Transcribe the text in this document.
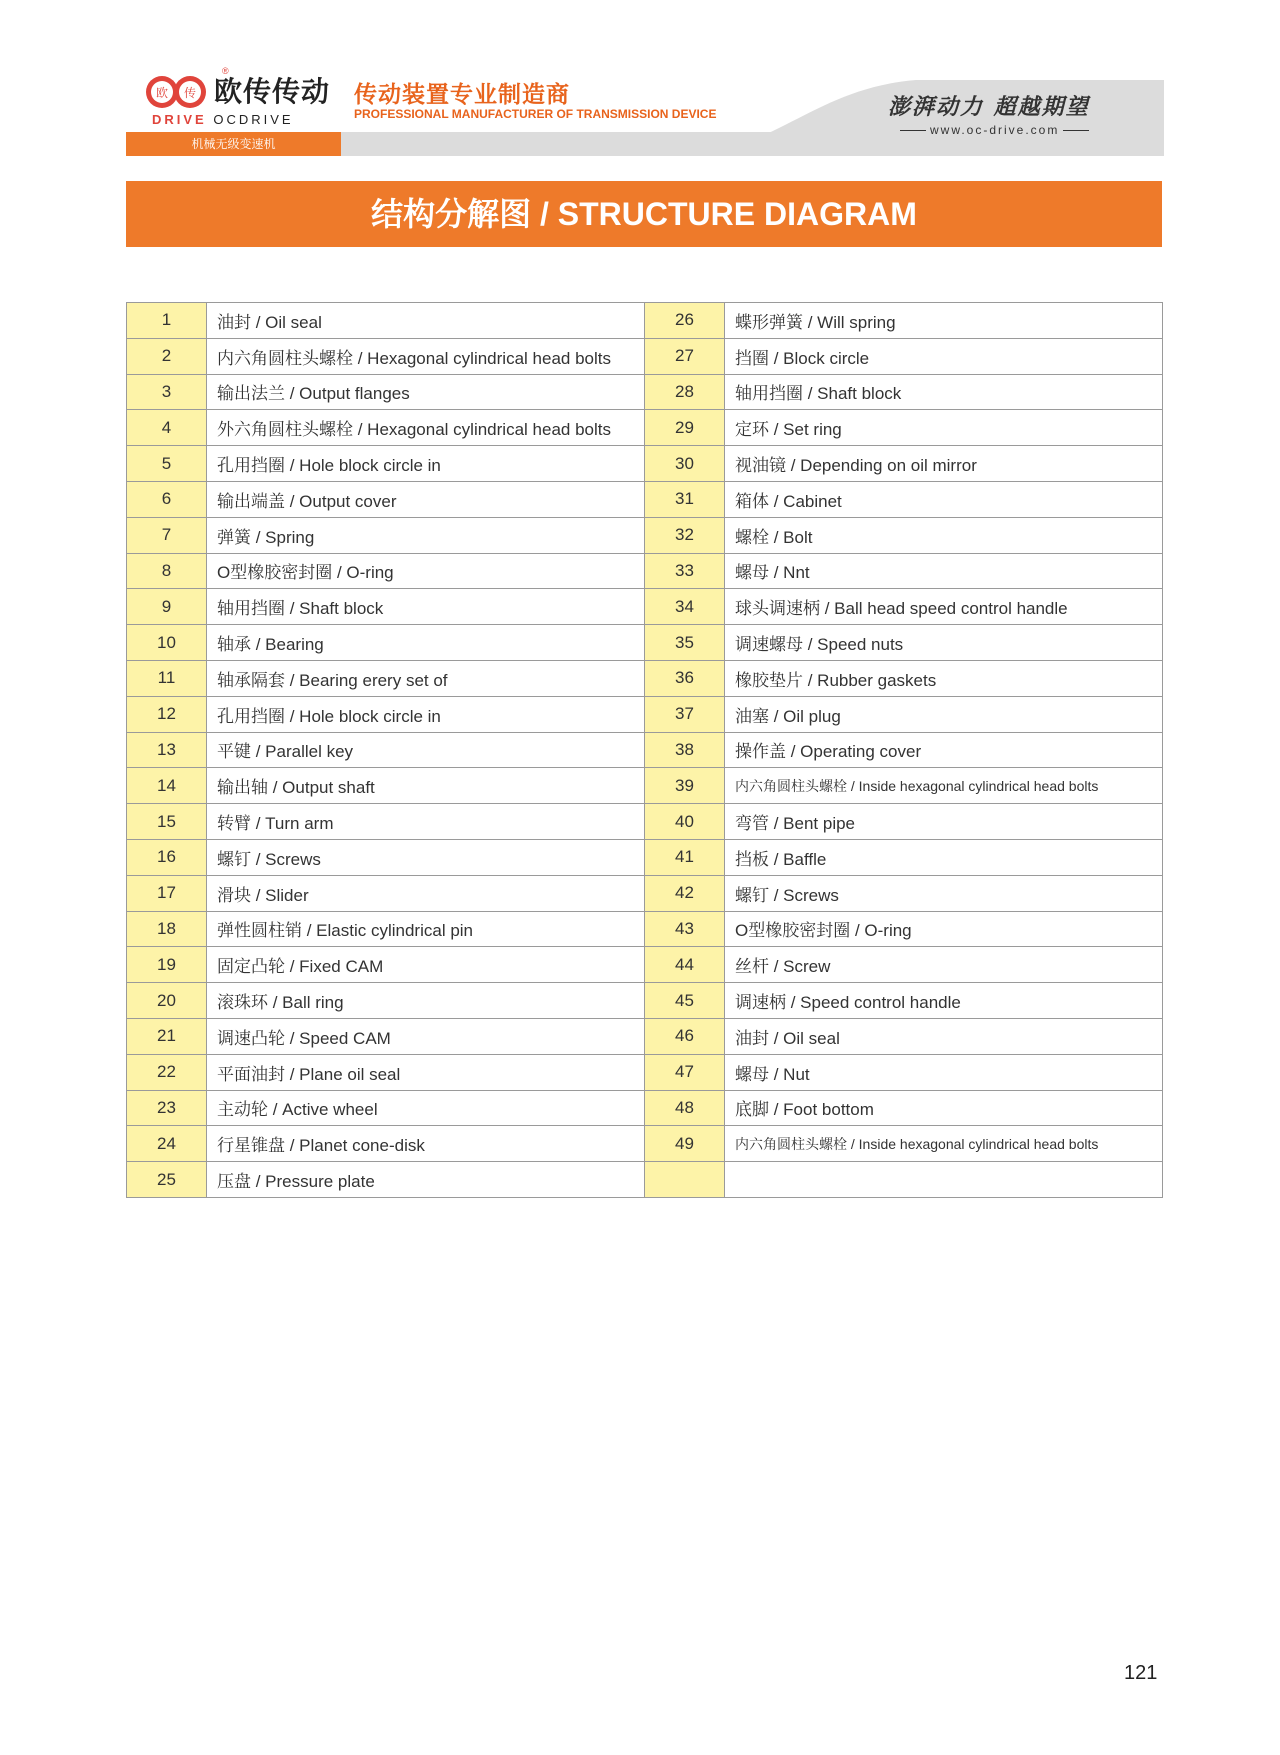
欧 传
®
欧传传动
DRIVE OCDRIVE
传动装置专业制造商
PROFESSIONAL MANUFACTURER OF TRANSMISSION DEVICE
机械无级变速机
澎湃动力 超越期望
www.oc-drive.com
结构分解图 / STRUCTURE DIAGRAM
1	油封 / Oil seal	26	蝶形弹簧 / Will spring
2	内六角圆柱头螺栓 / Hexagonal cylindrical head bolts	27	挡圈 / Block circle
3	输出法兰 / Output flanges	28	轴用挡圈 / Shaft block
4	外六角圆柱头螺栓 / Hexagonal cylindrical head bolts	29	定环 / Set ring
5	孔用挡圈 / Hole block circle in	30	视油镜 / Depending on oil mirror
6	输出端盖 / Output cover	31	箱体 / Cabinet
7	弹簧 / Spring	32	螺栓 / Bolt
8	O型橡胶密封圈 / O-ring	33	螺母 / Nnt
9	轴用挡圈 / Shaft block	34	球头调速柄 / Ball head speed control handle
10	轴承 / Bearing	35	调速螺母 / Speed nuts
11	轴承隔套 / Bearing erery set of	36	橡胶垫片 / Rubber gaskets
12	孔用挡圈 / Hole block circle in	37	油塞 / Oil plug
13	平键 / Parallel key	38	操作盖 / Operating cover
14	输出轴 / Output shaft	39	内六角圆柱头螺栓 / Inside hexagonal cylindrical head bolts
15	转臂 / Turn arm	40	弯管 / Bent pipe
16	螺钉 / Screws	41	挡板 / Baffle
17	滑块 / Slider	42	螺钉 / Screws
18	弹性圆柱销 / Elastic cylindrical pin	43	O型橡胶密封圈 / O-ring
19	固定凸轮 / Fixed CAM	44	丝杆 / Screw
20	滚珠环 / Ball ring	45	调速柄 / Speed control handle
21	调速凸轮 / Speed CAM	46	油封 / Oil seal
22	平面油封 / Plane oil seal	47	螺母 / Nut
23	主动轮 / Active wheel	48	底脚 / Foot bottom
24	行星锥盘 / Planet cone-disk	49	内六角圆柱头螺栓 / Inside hexagonal cylindrical head bolts
25	压盘 / Pressure plate		
121
